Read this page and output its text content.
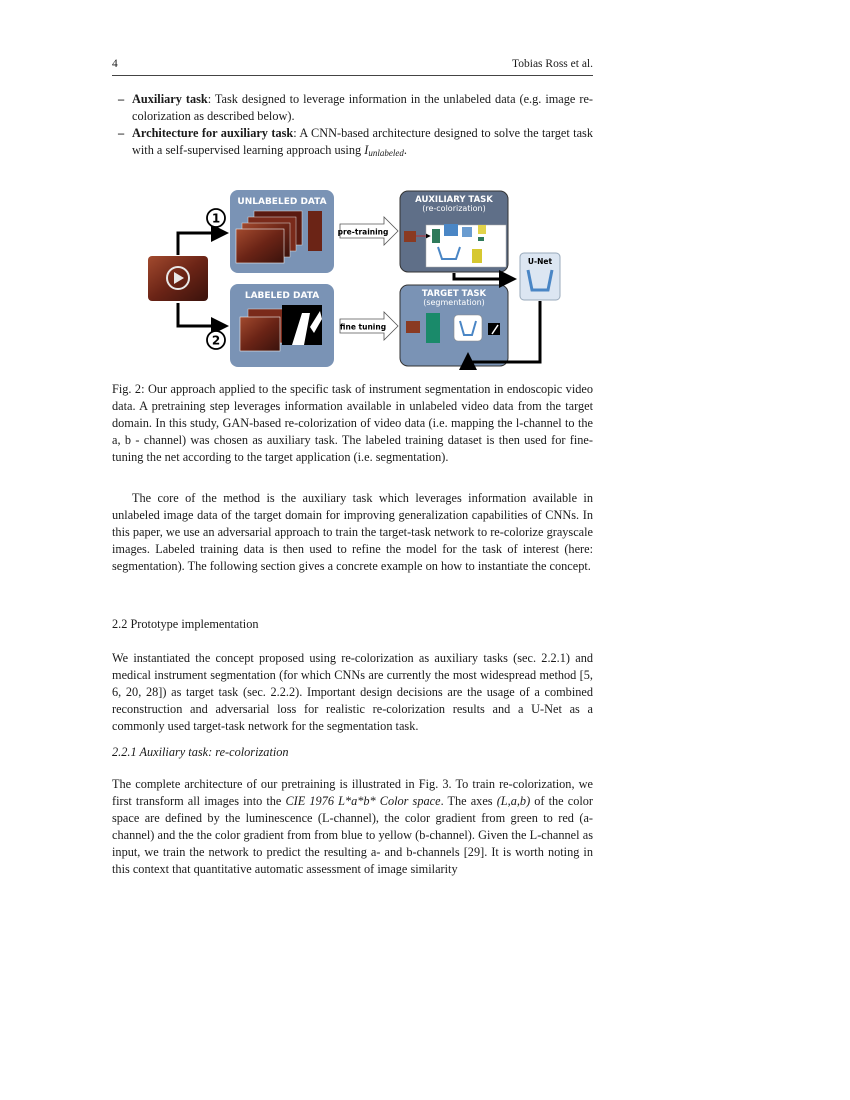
4	Tobias Ross et al.
– Auxiliary task: Task designed to leverage information in the unlabeled data (e.g. image re-colorization as described below).
– Architecture for auxiliary task: A CNN-based architecture designed to solve the target task with a self-supervised learning approach using $I_{unlabeled}$.
1
2
UNLABELED DATA
LABELED DATA
pre-training
fine tuning
AUXILIARY TASK
(re-colorization)
TARGET TASK
(segmentation)
U-Net
Fig. 2: Our approach applied to the specific task of instrument segmentation in endoscopic video data. A pretraining step leverages information available in unlabeled video data from the target domain. In this study, GAN-based re-colorization of video data (i.e. mapping the l-channel to the a, b - channel) was chosen as auxiliary task. The labeled training dataset is then used for fine-tuning the net according to the target application (i.e. segmentation).
The core of the method is the auxiliary task which leverages information available in unlabeled image data of the target domain for improving generalization capabilities of CNNs. In this paper, we use an adversarial approach to train the target-task network to re-colorize grayscale images. Labeled training data is then used to refine the model for the task of interest (here: segmentation). The following section gives a concrete example on how to instantiate the concept.
2.2 Prototype implementation
We instantiated the concept proposed using re-colorization as auxiliary tasks (sec. 2.2.1) and medical instrument segmentation (for which CNNs are currently the most widespread method [5, 6, 20, 28]) as target task (sec. 2.2.2). Important design decisions are the usage of a combined reconstruction and adversarial loss for realistic re-colorization results and a U-Net as a commonly used target-task network for the segmentation task.
2.2.1 Auxiliary task: re-colorization
The complete architecture of our pretraining is illustrated in Fig. 3. To train re-colorization, we first transform all images into the CIE 1976 L*a*b* Color space. The axes (L,a,b) of the color space are defined by the luminescence (L-channel), the color gradient from green to red (a-channel) and the the color gradient from from blue to yellow (b-channel). Given the L-channel as input, we train the network to predict the resulting a- and b-channels [29]. It is worth noting in this context that quantitative automatic assessment of image similarity
